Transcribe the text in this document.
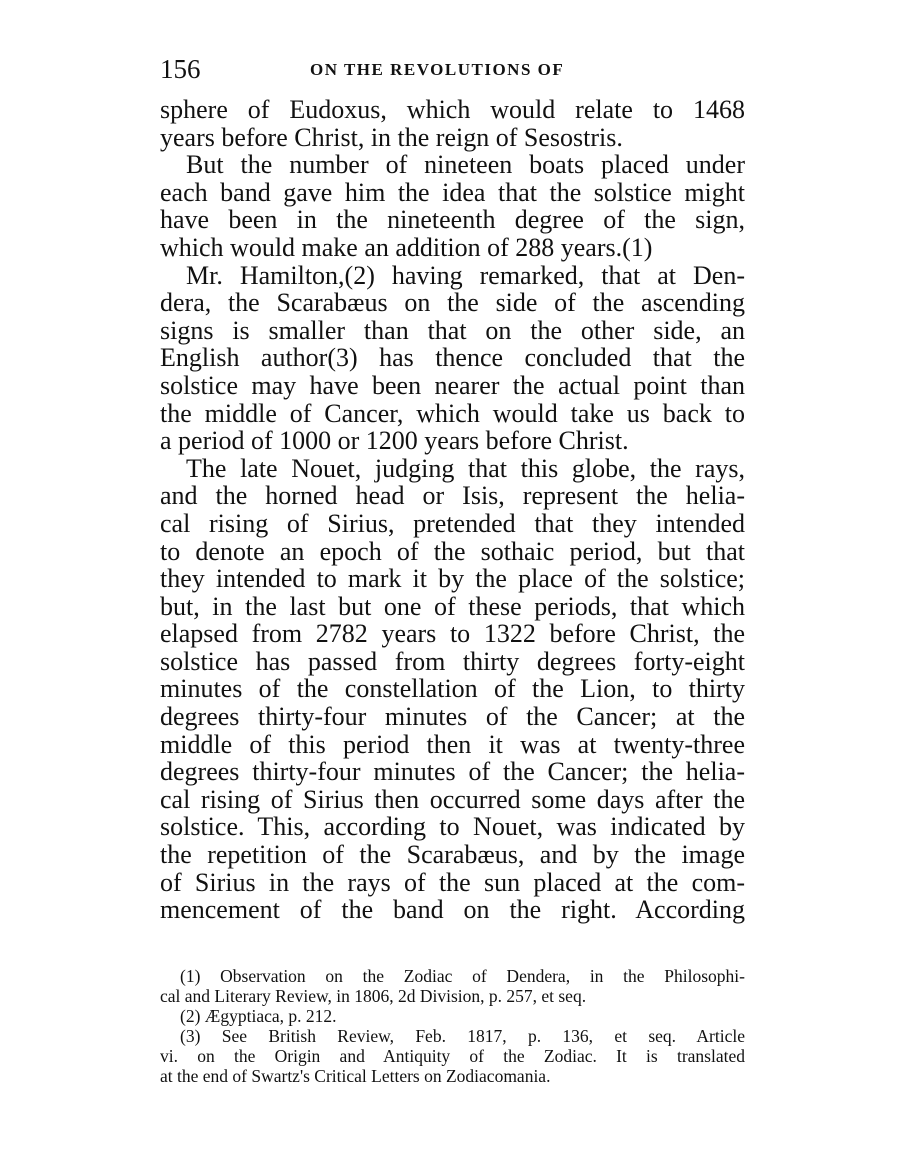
156	ON THE REVOLUTIONS OF
sphere of Eudoxus, which would relate to 1468
years before Christ, in the reign of Sesostris.
But the number of nineteen boats placed under
each band gave him the idea that the solstice might
have been in the nineteenth degree of the sign,
which would make an addition of 288 years.(1)
Mr. Hamilton,(2) having remarked, that at Den-
dera, the Scarabæus on the side of the ascending
signs is smaller than that on the other side, an
English author(3) has thence concluded that the
solstice may have been nearer the actual point than
the middle of Cancer, which would take us back to
a period of 1000 or 1200 years before Christ.
The late Nouet, judging that this globe, the rays,
and the horned head or Isis, represent the helia-
cal rising of Sirius, pretended that they intended
to denote an epoch of the sothaic period, but that
they intended to mark it by the place of the solstice;
but, in the last but one of these periods, that which
elapsed from 2782 years to 1322 before Christ, the
solstice has passed from thirty degrees forty-eight
minutes of the constellation of the Lion, to thirty
degrees thirty-four minutes of the Cancer; at the
middle of this period then it was at twenty-three
degrees thirty-four minutes of the Cancer; the helia-
cal rising of Sirius then occurred some days after the
solstice. This, according to Nouet, was indicated by
the repetition of the Scarabæus, and by the image
of Sirius in the rays of the sun placed at the com-
mencement of the band on the right. According
(1) Observation on the Zodiac of Dendera, in the Philosophi-
cal and Literary Review, in 1806, 2d Division, p. 257, et seq.
(2) Ægyptiaca, p. 212.
(3) See British Review, Feb. 1817, p. 136, et seq. Article
vi. on the Origin and Antiquity of the Zodiac. It is translated
at the end of Swartz's Critical Letters on Zodiacomania.
